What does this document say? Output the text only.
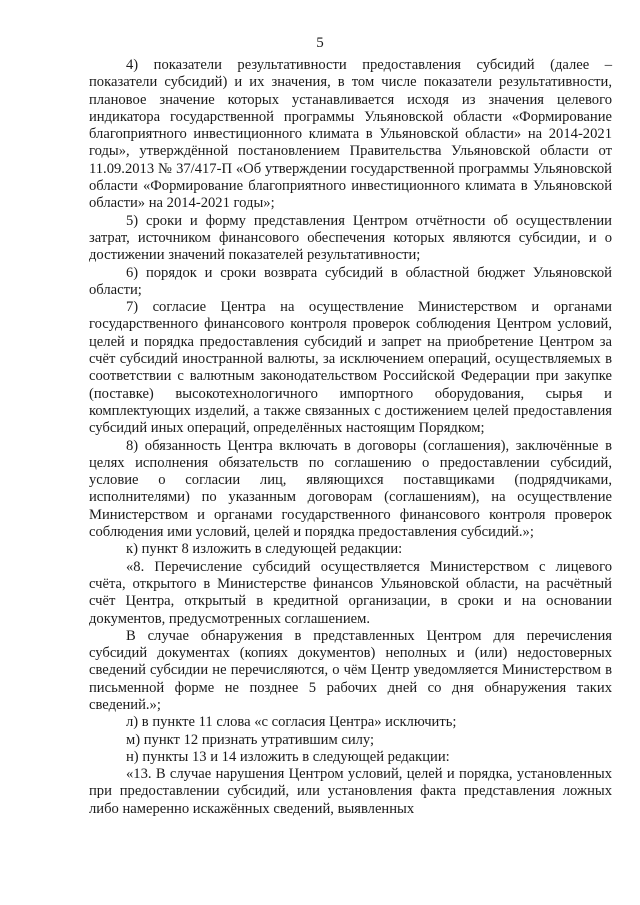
5

4) показатели результативности предоставления субсидий (далее – показатели субсидий) и их значения, в том числе показатели результативности, плановое значение которых устанавливается исходя из значения целевого индикатора государственной программы Ульяновской области «Формирование благоприятного инвестиционного климата в Ульяновской области» на 2014-2021 годы», утверждённой постановлением Правительства Ульяновской области от 11.09.2013 № 37/417-П «Об утверждении государственной программы Ульяновской области «Формирование благоприятного инвестиционного климата в Ульяновской области» на 2014-2021 годы»;

5) сроки и форму представления Центром отчётности об осуществлении затрат, источником финансового обеспечения которых являются субсидии, и о достижении значений показателей результативности;

6) порядок и сроки возврата субсидий в областной бюджет Ульяновской области;

7) согласие Центра на осуществление Министерством и органами государственного финансового контроля проверок соблюдения Центром условий, целей и порядка предоставления субсидий и запрет на приобретение Центром за счёт субсидий иностранной валюты, за исключением операций, осуществляемых в соответствии с валютным законодательством Российской Федерации при закупке (поставке) высокотехнологичного импортного оборудования, сырья и комплектующих изделий, а также связанных с достижением целей предоставления субсидий иных операций, определённых настоящим Порядком;

8) обязанность Центра включать в договоры (соглашения), заключённые в целях исполнения обязательств по соглашению о предоставлении субсидий, условие о согласии лиц, являющихся поставщиками (подрядчиками, исполнителями) по указанным договорам (соглашениям), на осуществление Министерством и органами государственного финансового контроля проверок соблюдения ими условий, целей и порядка предоставления субсидий.»;

к) пункт 8 изложить в следующей редакции:

«8. Перечисление субсидий осуществляется Министерством с лицевого счёта, открытого в Министерстве финансов Ульяновской области, на расчётный счёт Центра, открытый в кредитной организации, в сроки и на основании документов, предусмотренных соглашением.

В случае обнаружения в представленных Центром для перечисления субсидий документах (копиях документов) неполных и (или) недостоверных сведений субсидии не перечисляются, о чём Центр уведомляется Министерством в письменной форме не позднее 5 рабочих дней со дня обнаружения таких сведений.»;

л) в пункте 11 слова «с согласия Центра» исключить;

м) пункт 12 признать утратившим силу;

н) пункты 13 и 14 изложить в следующей редакции:

«13. В случае нарушения Центром условий, целей и порядка, установленных при предоставлении субсидий, или установления факта представления ложных либо намеренно искажённых сведений, выявленных
